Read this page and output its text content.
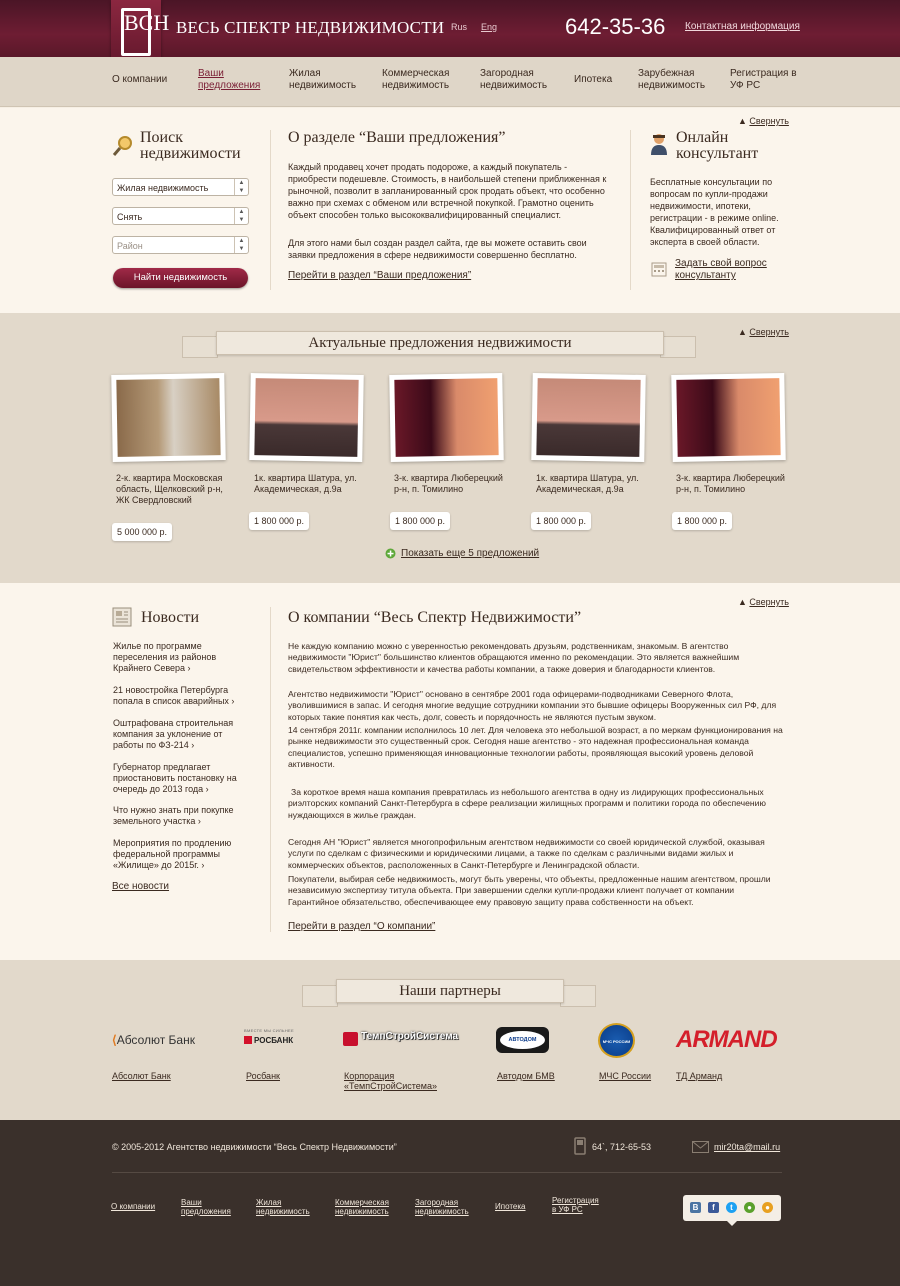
ВСН ВЕСЬ СПЕКТР НЕДВИЖИМОСТИ Rus Eng	642-35-36 Контактная информация
О компании
Ваши предложения
Жилая недвижимость
Коммерческая недвижимость
Загородная недвижимость
Ипотека
Зарубежная недвижимость
Регистрация в УФ РС
▲ Свернуть
Поиск недвижимости
Жилая недвижимость	▲
▼
Снять	▲
▼
Район	▲
▼
Найти недвижимость
О разделе “Ваши предложения”
Каждый продавец хочет продать подороже, а каждый покупатель - приобрести подешевле. Стоимость, в наибольшей степени приближенная к рыночной, позволит в запланированный срок продать объект, что особенно важно при схемах с обменом или встречной покупкой. Грамотно оценить объект способен только высококвалифицированный специалист.
Для этого нами был создан раздел сайта, где вы можете оставить свои заявки предложения в сфере недвижимости совершенно бесплатно.
Перейти в раздел “Ваши предложения”
Онлайн консультант
Бесплатные консультации по вопросам по купли-продажи недвижимости, ипотеки, регистрации - в режиме online. Квалифицированный ответ от эксперта в своей области.
Задать свой вопрос консультанту
▲ Свернуть
Актуальные предложения недвижимости
2-к. квартира Московская область, Щелковский р-н, ЖК Свердловский
5 000 000 р.
1к. квартира Шатура, ул. Академическая, д.9а
1 800 000 р.
3-к. квартира Люберецкий р-н, п. Томилино
1 800 000 р.
1к. квартира Шатура, ул. Академическая, д.9а
1 800 000 р.
3-к. квартира Люберецкий р-н, п. Томилино
1 800 000 р.
Показать еще 5 предложений
▲ Свернуть
Новости
Жилье по программе переселения из районов Крайнего Севера ›
21 новостройка Петербурга попала в список аварийных ›
Оштрафована строительная компания за уклонение от работы по ФЗ-214 ›
Губернатор предлагает приостановить постановку на очередь до 2013 года ›
Что нужно знать при покупке земельного участка ›
Мероприятия по продлению федеральной программы «Жилище» до 2015г. ›
Все новости
О компании “Весь Спектр Недвижимости”
Не каждую компанию можно с уверенностью рекомендовать друзьям, родственникам, знакомым. В агентство недвижимости "Юрист" большинство клиентов обращаются именно по рекомендации. Это является важнейшим свидетельством эффективности и качества работы компании, а также доверия и благодарности клиентов.
Агентство недвижимости "Юрист" основано в сентябре 2001 года офицерами-подводниками Северного Флота, уволившимися в запас. И сегодня многие ведущие сотрудники компании это бывшие офицеры Вооруженных сил РФ, для которых такие понятия как честь, долг, совесть и порядочность не являются пустым звуком.
14 сентября 2011г. компании исполнилось 10 лет. Для человека это небольшой возраст, а по меркам функционирования на рынке недвижимости это существенный срок. Сегодня наше агентство - это надежная профессиональная команда специалистов, успешно применяющая инновационные технологии работы, проявляющая высокий уровень деловой активности.
За короткое время наша компания превратилась из небольшого агентства в одну из лидирующих профессиональных риэлторских компаний Санкт-Петербурга в сфере реализации жилищных программ и политики города по обеспечению нуждающихся в жилье граждан.
Сегодня АН "Юрист" является многопрофильным агентством недвижимости со своей юридической службой, оказывая услуги по сделкам с физическими и юридическими лицами, а также по сделкам с различными видами жилых и коммерческих объектов, расположенных в Санкт-Петербурге и Ленинградской области.
Покупатели, выбирая себе недвижимость, могут быть уверены, что объекты, предложенные нашим агентством, прошли независимую экспертизу титула объекта. При завершении сделки купли-продажи клиент получает от компании Гарантийное обязательство, обеспечивающее ему правовую защиту права собственности на объект.
Перейти в раздел “О компании”
Наши партнеры
⟨Абсолют Банк
ВМЕСТЕ МЫ СИЛЬНЕЕ
РОСБАНК	ТемпСтройСистема	АВТОДОМ	МЧС РОССИИ ARMAND
Абсолют Банк	Росбанк	Корпорация «ТемпСтройСистема»
Автодом БМВ	МЧС России	ТД Арманд
© 2005-2012 Агентство недвижимости “Весь Спектр Недвижимости”	64`, 712-65-53	mir20ta@mail.ru
О компании	Ваши предложения
Жилая недвижимость
Коммерческая недвижимость
Загородная недвижимость
Ипотека
Регистрация в УФ РС	В	f	t	●	●
